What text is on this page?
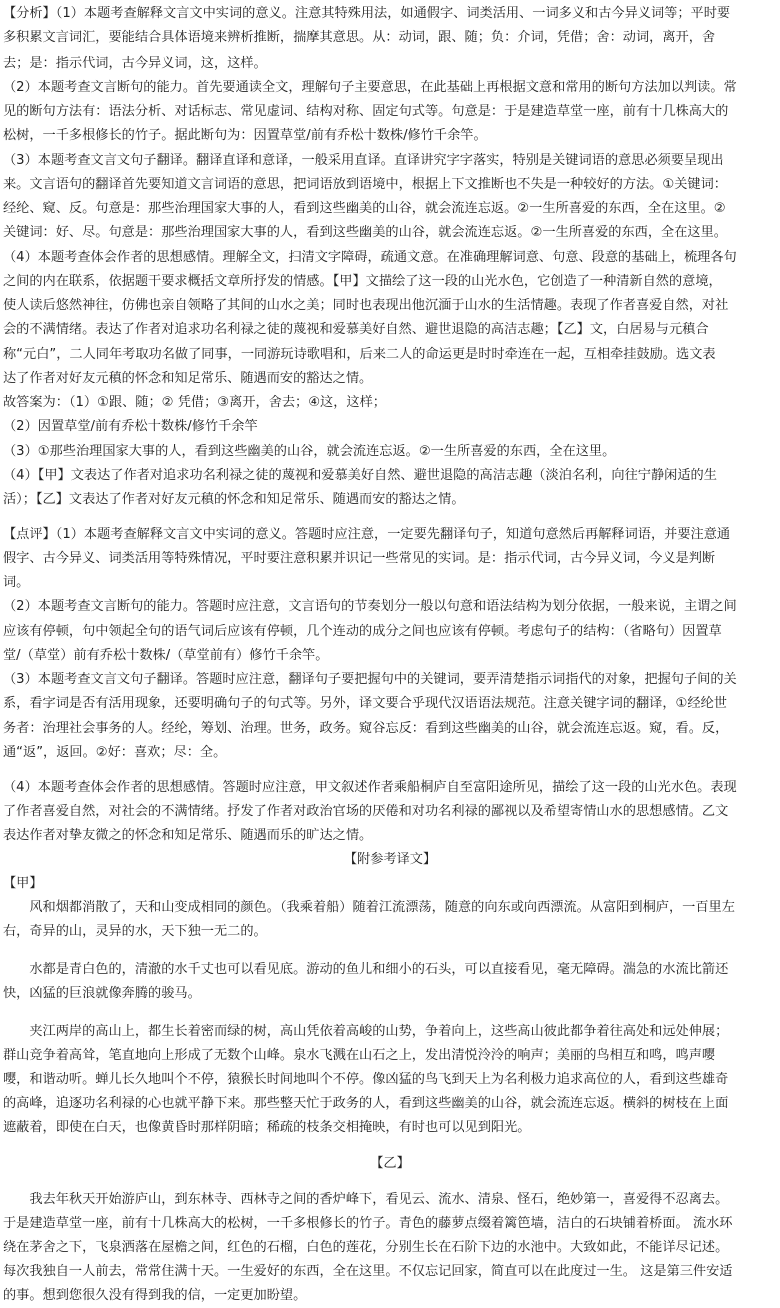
【分析】（1）本题考查解释文言文中实词的意义。注意其特殊用法，如通假字、词类活用、一词多义和古今异义词等；平时要
多积累文言词汇，要能结合具体语境来辨析推断，揣摩其意思。从：动词，跟、随；负：介词，凭借；舍：动词，离开，舍
去；是：指示代词，古今异义词，这，这样。
（2）本题考查文言断句的能力。首先要通读全文，理解句子主要意思，在此基础上再根据文意和常用的断句方法加以判读。常
见的断句方法有：语法分析、对话标志、常见虚词、结构对称、固定句式等。句意是：于是建造草堂一座，前有十几株高大的
松树，一千多根修长的竹子。据此断句为：因置草堂/前有乔松十数株/修竹千余竿。
（3）本题考查文言文句子翻译。翻译直译和意译，一般采用直译。直译讲究字字落实，特别是关键词语的意思必须要呈现出
来。文言语句的翻译首先要知道文言词语的意思，把词语放到语境中，根据上下文推断也不失是一种较好的方法。①关键词：
经纶、窥、反。句意是：那些治理国家大事的人，看到这些幽美的山谷，就会流连忘返。②一生所喜爱的东西，全在这里。②
关键词：好、尽。句意是：那些治理国家大事的人，看到这些幽美的山谷，就会流连忘返。②一生所喜爱的东西，全在这里。
（4）本题考查体会作者的思想感情。理解全文，扫清文字障碍，疏通文意。在准确理解词意、句意、段意的基础上，梳理各句
之间的内在联系，依据题干要求概括文章所抒发的情感。【甲】文描绘了这一段的山光水色，它创造了一种清新自然的意境，
使人读后悠然神往，仿佛也亲自领略了其间的山水之美；同时也表现出他沉湎于山水的生活情趣。表现了作者喜爱自然，对社
会的不满情绪。表达了作者对追求功名利禄之徒的蔑视和爱慕美好自然、避世退隐的高洁志趣；【乙】文，白居易与元稹合
称“元白”，二人同年考取功名做了同事，一同游玩诗歌唱和，后来二人的命运更是时时牵连在一起，互相牵挂鼓励。选文表
达了作者对好友元稹的怀念和知足常乐、随遇而安的豁达之情。
故答案为：（1）①跟、随；② 凭借；③离开，舍去；④这，这样；
（2）因置草堂/前有乔松十数株/修竹千余竿
（3）①那些治理国家大事的人，看到这些幽美的山谷，就会流连忘返。②一生所喜爱的东西，全在这里。
（4）【甲】文表达了作者对追求功名利禄之徒的蔑视和爱慕美好自然、避世退隐的高洁志趣（淡泊名利，向往宁静闲适的生
活）；【乙】文表达了作者对好友元稹的怀念和知足常乐、随遇而安的豁达之情。
【点评】（1）本题考查解释文言文中实词的意义。答题时应注意，一定要先翻译句子，知道句意然后再解释词语，并要注意通
假字、古今异义、词类活用等特殊情况，平时要注意积累并识记一些常见的实词。是：指示代词，古今异义词，今义是判断
词。
（2）本题考查文言断句的能力。答题时应注意，文言语句的节奏划分一般以句意和语法结构为划分依据，一般来说，主谓之间
应该有停顿，句中领起全句的语气词后应该有停顿，几个连动的成分之间也应该有停顿。考虑句子的结构：（省略句）因置草
堂/（草堂）前有乔松十数株/（草堂前有）修竹千余竿。
（3）本题考查文言文句子翻译。答题时应注意，翻译句子要把握句中的关键词，要弄清楚指示词指代的对象，把握句子间的关
系，看字词是否有活用现象，还要明确句子的句式等。另外，译文要合乎现代汉语语法规范。注意关键字词的翻译，①经纶世
务者：治理社会事务的人。经纶，筹划、治理。世务，政务。窥谷忘反：看到这些幽美的山谷，就会流连忘返。窥，看。反，
通“返”，返回。②好：喜欢；尽：全。
（4）本题考查体会作者的思想感情。答题时应注意，甲文叙述作者乘船桐庐自至富阳途所见，描绘了这一段的山光水色。表现
了作者喜爱自然，对社会的不满情绪。抒发了作者对政治官场的厌倦和对功名利禄的鄙视以及希望寄情山水的思想感情。乙文
表达作者对挚友微之的怀念和知足常乐、随遇而乐的旷达之情。
【附参考译文】
【甲】
　　风和烟都消散了，天和山变成相同的颜色。（我乘着船）随着江流漂荡，随意的向东或向西漂流。从富阳到桐庐，一百里左
右，奇异的山，灵异的水，天下独一无二的。
　　水都是青白色的，清澈的水千丈也可以看见底。游动的鱼儿和细小的石头，可以直接看见，毫无障碍。湍急的水流比箭还
快，凶猛的巨浪就像奔腾的骏马。
　　夹江两岸的高山上，都生长着密而绿的树，高山凭依着高峻的山势，争着向上，这些高山彼此都争着往高处和远处伸展；
群山竞争着高耸，笔直地向上形成了无数个山峰。泉水飞溅在山石之上，发出清悦泠泠的响声；美丽的鸟相互和鸣，鸣声嘤
嘤，和谐动听。蝉儿长久地叫个不停，猿猴长时间地叫个不停。像凶猛的鸟飞到天上为名利极力追求高位的人，看到这些雄奇
的高峰，追逐功名利禄的心也就平静下来。那些整天忙于政务的人，看到这些幽美的山谷，就会流连忘返。横斜的树枝在上面
遮蔽着，即使在白天，也像黄昏时那样阴暗；稀疏的枝条交相掩映，有时也可以见到阳光。
【乙】
　　我去年秋天开始游庐山，到东林寺、西林寺之间的香炉峰下，看见云、流水、清泉、怪石，绝妙第一，喜爱得不忍离去。
于是建造草堂一座，前有十几株高大的松树，一千多根修长的竹子。青色的藤萝点缀着篱笆墙，洁白的石块铺着桥面。 流水环
绕在茅舍之下，飞泉洒落在屋檐之间，红色的石榴，白色的莲花，分别生长在石阶下边的水池中。大致如此，不能详尽记述。
每次我独自一人前去，常常住满十天。一生爱好的东西，全在这里。不仅忘记回家，简直可以在此度过一生。 这是第三件安适
的事。想到您很久没有得到我的信，一定更加盼望。
